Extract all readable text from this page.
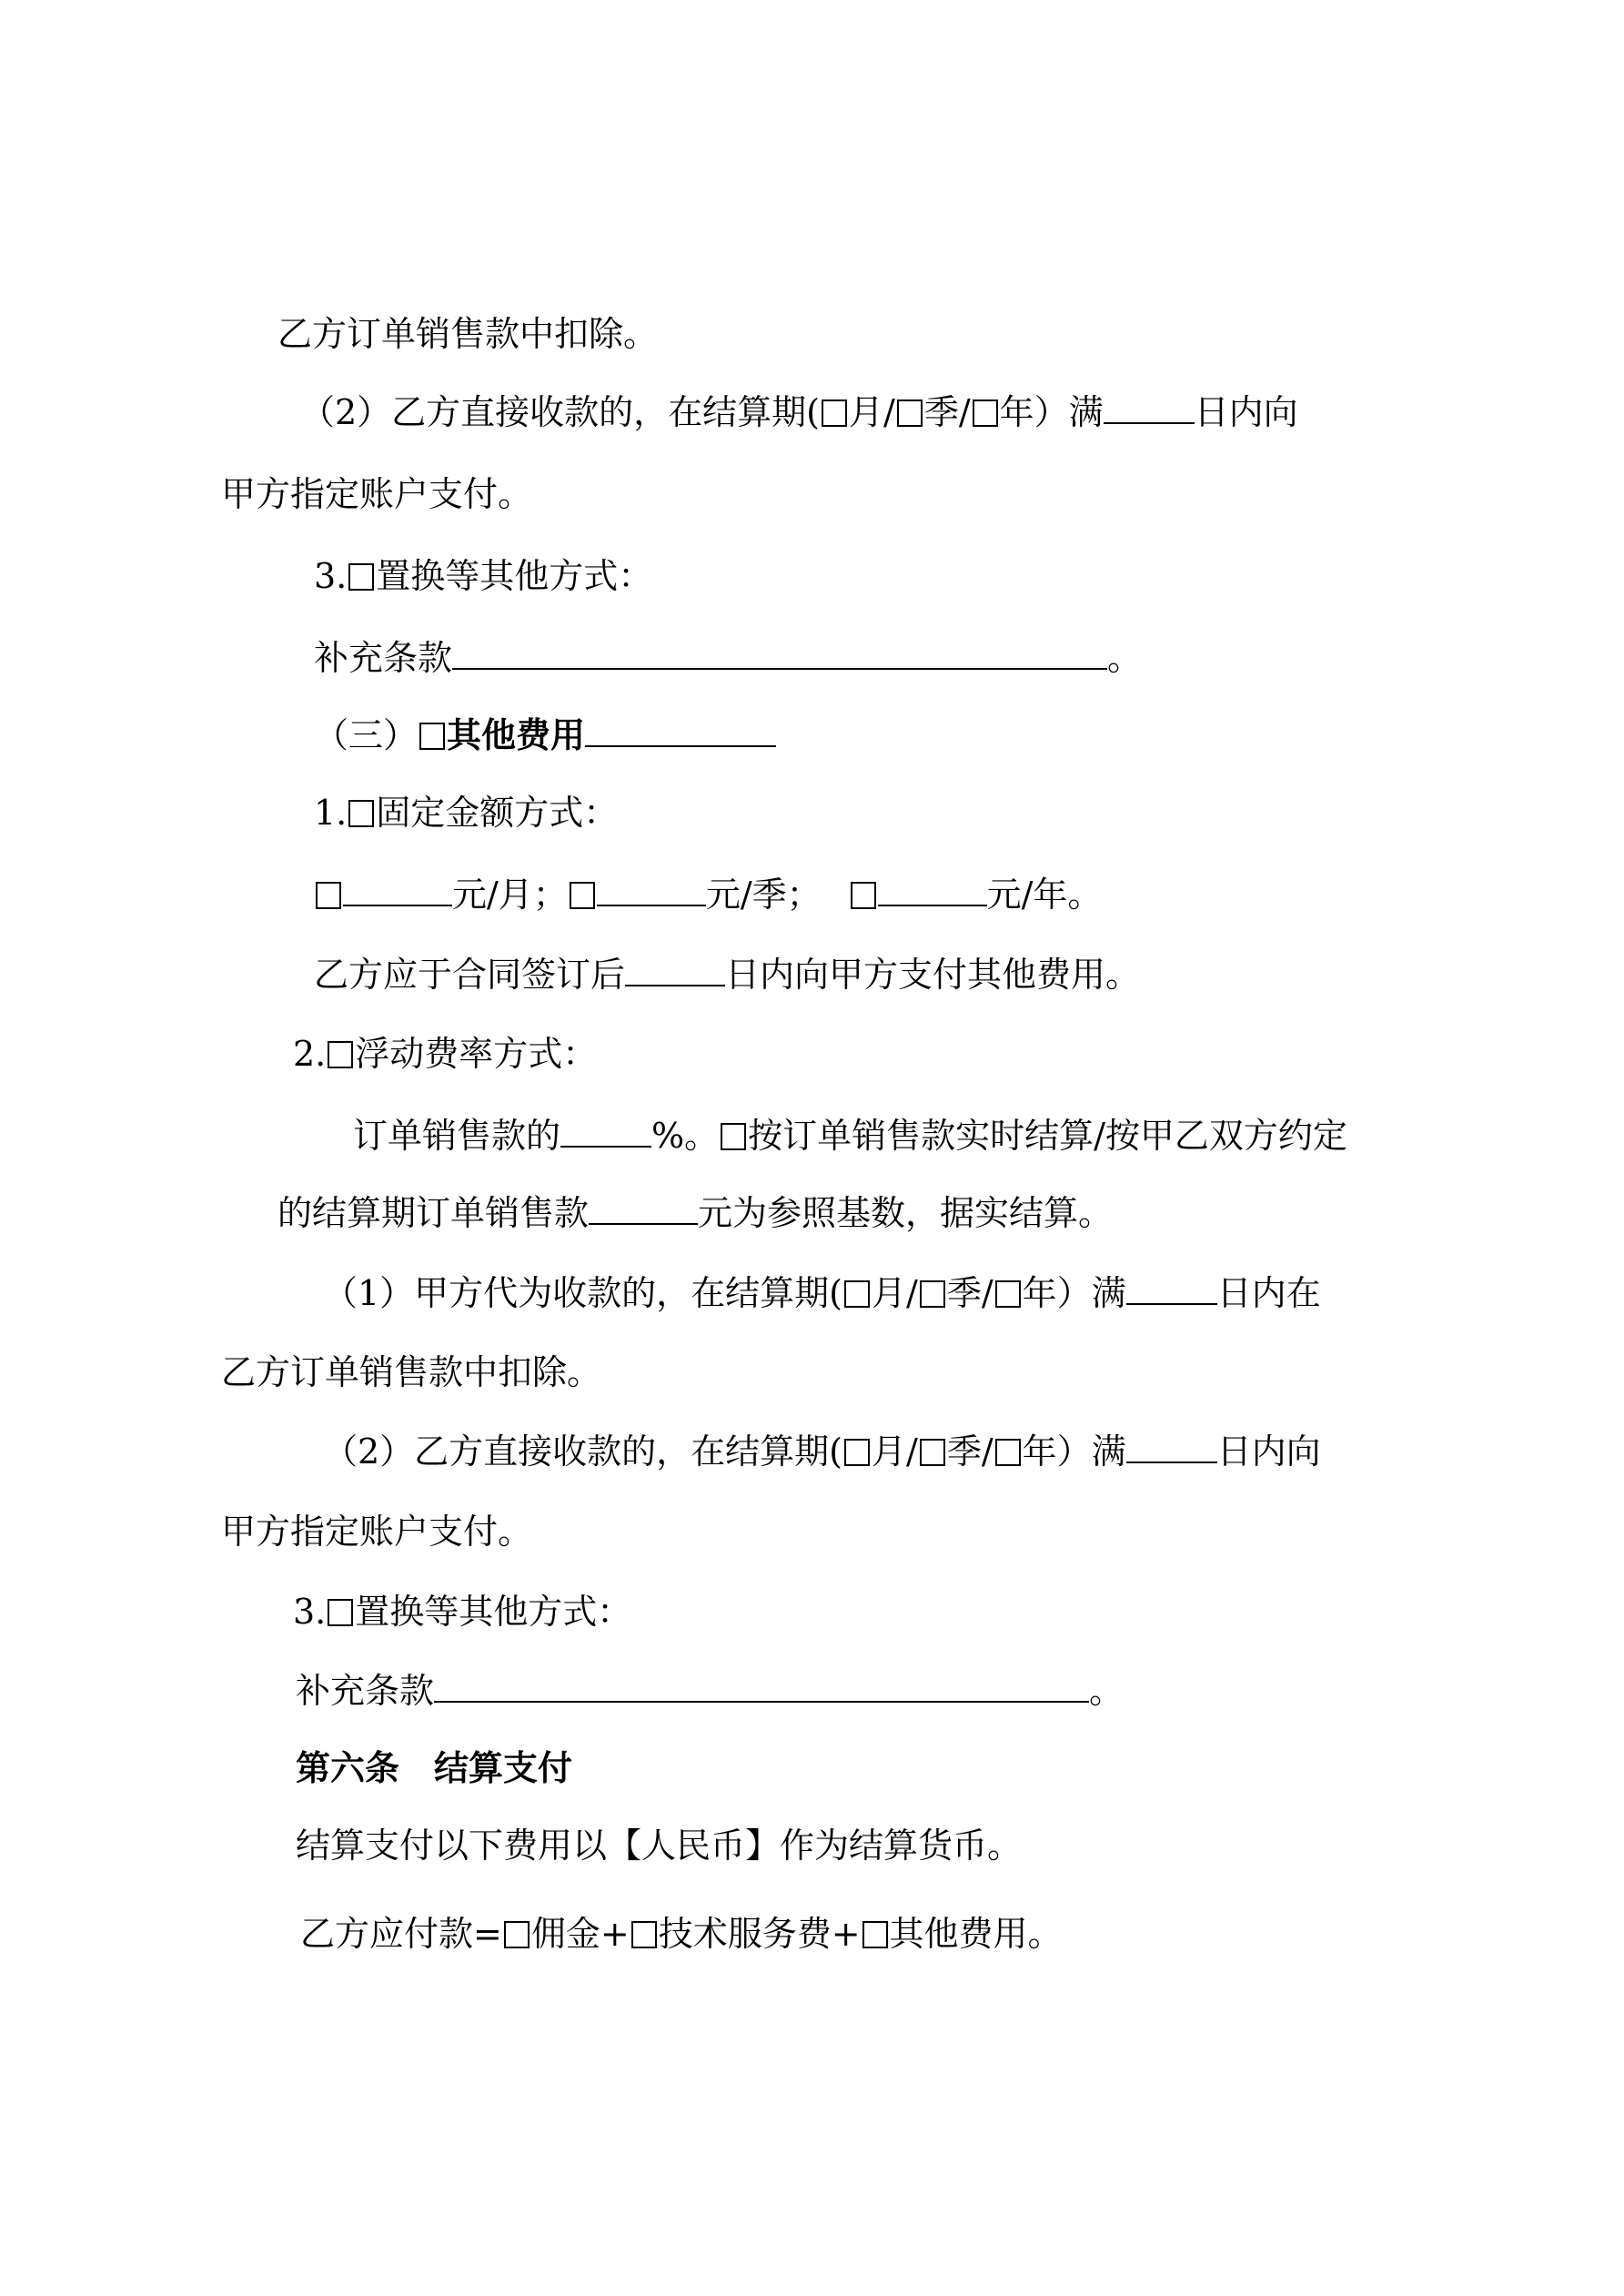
乙方订单销售款中扣除。
（2）乙方直接收款的，在结算期( 月/ 季/ 年）满	日内向
甲方指定账户支付。
3. 置换等其他方式：
补充条款	。
（三） 其他费用
1. 固定金额方式：
元/月；	元/季；	元/年。
乙方应于合同签订后	日内向甲方支付其他费用。
2. 浮动费率方式：
订单销售款的	%。 按订单销售款实时结算/按甲乙双方约定
的结算期订单销售款	元为参照基数，据实结算。
（1）甲方代为收款的，在结算期( 月/ 季/ 年）满	日内在
乙方订单销售款中扣除。
（2）乙方直接收款的，在结算期( 月/ 季/ 年）满	日内向
甲方指定账户支付。
3. 置换等其他方式：
补充条款	。
第六条　结算支付
结算支付以下费用以【人民币】作为结算货币。
乙方应付款= 佣金+ 技术服务费+ 其他费用。
